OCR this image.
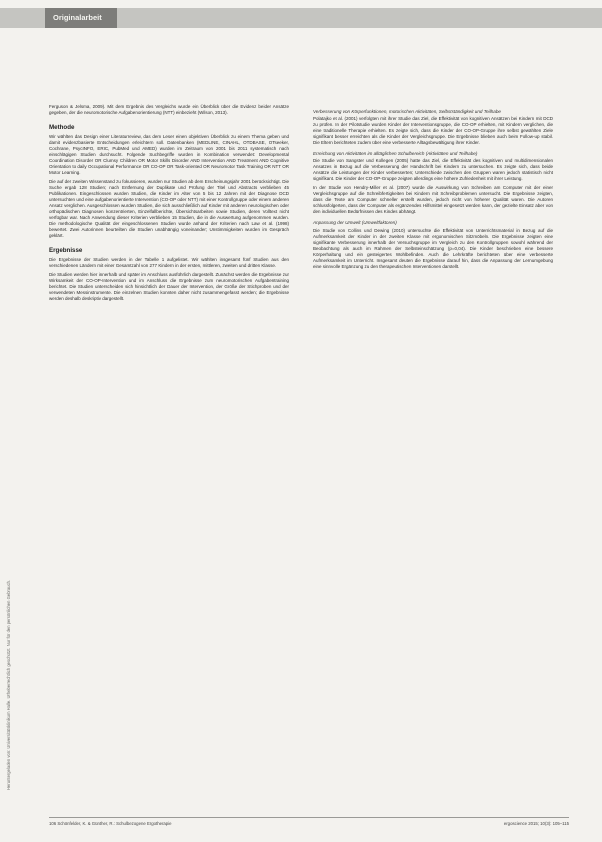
Originalarbeit
Heruntergeladen von: Universitätsklinikum Halle. Urheberrechtlich geschützt. Nur für den persönlichen Gebrauch.

Ferguson & Jelsma, 2009). Mit dem Ergebnis des Vergleichs wurde ein Überblick über die Evidenz beider Ansätze gegeben, der die neuromotorische Aufgabenorientierung (NTT) einbezieht (Wilson, 2013).

Methode

Wir wählten das Design einer Literaturreview, das dem Leser einen objektiven Überblick zu einem Thema geben und damit evidenzbasierte Entscheidungen erleichtern soll. Datenbanken (MEDLINE, CINAHL, OTDBASE, OTseeker, Cochrane, PsycINFO, ERIC, PubMed und AMED) wurden im Zeitraum von 2001 bis 2011 systematisch nach einschlägigen Studien durchsucht. Folgende Suchbegriffe wurden in Kombination verwendet: Developmental Coordination Disorder OR Clumsy Children OR Motor Skills Disorder AND Intervention AND Treatment AND Cognitive Orientation to daily Occupational Performance OR CO-OP OR Task-oriented OR Neuromotor Task Training OR NTT OR Motor Learning.

Die auf der zweiten Wissenstand zu fokussieren, wurden nur Studien ab dem Erscheinungsjahr 2001 berücksichtigt. Die Suche ergab 128 Studien; nach Entfernung der Duplikate und Prüfung der Titel und Abstracts verblieben 45 Publikationen. Eingeschlossen wurden Studien, die Kinder im Alter von 5 bis 12 Jahren mit der Diagnose DCD untersuchten und eine aufgabenorientierte Intervention (CO-OP oder NTT) mit einer Kontrollgruppe oder einem anderen Ansatz verglichen. Ausgeschlossen wurden Studien, die sich ausschließlich auf Kinder mit anderen neurologischen oder orthopädischen Diagnosen konzentrierten, Einzelfallberichte, Übersichtsarbeiten sowie Studien, deren Volltext nicht verfügbar war. Nach Anwendung dieser Kriterien verblieben 15 Studien, die in die Auswertung aufgenommen wurden. Die methodologische Qualität der eingeschlossenen Studien wurde anhand der Kriterien nach Law et al. (1998) bewertet. Zwei Autorinnen beurteilten die Studien unabhängig voneinander; Unstimmigkeiten wurden im Gespräch geklärt.

Ergebnisse

Die Ergebnisse der Studien werden in der Tabelle 1 aufgelistet. Wir wählten insgesamt fünf Studien aus den verschiedenen Ländern mit einer Gesamtzahl von 277 Kindern in der ersten, mittleren, zweiten und dritten Klasse.

Die Studien werden hier innerhalb und später im Anschluss ausführlich dargestellt. Zunächst werden die Ergebnisse zur Wirksamkeit der CO-OP-Intervention und im Anschluss die Ergebnisse zum neuromotorischen Aufgabentraining berichtet. Die Studien unterscheiden sich hinsichtlich der Dauer der Intervention, der Größe der Stichproben und der verwendeten Messinstrumente. Die einzelnen Studien konnten daher nicht zusammengefasst werden; die Ergebnisse werden deshalb deskriptiv dargestellt.

Verbesserung von Körperfunktionen, motorischen Aktivitäten, Selbstständigkeit und Teilhabe

Polatajko et al. (2001) verfolgten mit ihrer Studie das Ziel, die Effektivität von kognitiven Ansätzen bei Kindern mit DCD zu prüfen. In der Pilotstudie wurden Kinder der Interventionsgruppe, die CO-OP erhielten, mit Kindern verglichen, die eine traditionelle Therapie erhielten. Es zeigte sich, dass die Kinder der CO-OP-Gruppe ihre selbst gewählten Ziele signifikant besser erreichten als die Kinder der Vergleichsgruppe. Die Ergebnisse blieben auch beim Follow-up stabil. Die Eltern berichteten zudem über eine verbesserte Alltagsbewältigung ihrer Kinder.

Erreichung von Aktivitäten im alltäglichen Schulbereich (Aktivitäten und Teilhabe)

Die Studie von Sangster und Kollegen (2005) hatte das Ziel, die Effektivität des kognitiven und multidimensionalen Ansatzes in Bezug auf die Verbesserung der Handschrift bei Kindern zu untersuchen. Es zeigte sich, dass beide Ansätze die Leistungen der Kinder verbesserten; Unterschiede zwischen den Gruppen waren jedoch statistisch nicht signifikant. Die Kinder der CO-OP-Gruppe zeigten allerdings eine höhere Zufriedenheit mit ihrer Leistung.

In der Studie von Hendry-Miller et al. (2007) wurde die Auswirkung von Schreiben am Computer mit der einer Vergleichsgruppe auf die Schreibfertigkeiten bei Kindern mit Schreibproblemen untersucht. Die Ergebnisse zeigten, dass die Texte am Computer schneller erstellt wurden, jedoch nicht von höherer Qualität waren. Die Autoren schlussfolgerten, dass der Computer als ergänzendes Hilfsmittel eingesetzt werden kann, der gezielte Einsatz aber von den individuellen Bedürfnissen des Kindes abhängt.

Anpassung der Umwelt (Umweltfaktoren)

Die Studie von Collins und Dewing (2010) untersuchte die Effektivität von Unterrichtsmaterial in Bezug auf die Aufmerksamkeit der Kinder in der zweiten Klasse mit ergonomischen Sitzmöbeln. Die Ergebnisse zeigten eine signifikante Verbesserung innerhalb der Versuchsgruppe im Vergleich zu den Kontrollgruppen sowohl während der Beobachtung als auch im Rahmen der Selbsteinschätzung (p=0,04). Die Kinder beschrieben eine bessere Körperhaltung und ein gesteigertes Wohlbefinden. Auch die Lehrkräfte berichteten über eine verbesserte Aufmerksamkeit im Unterricht. Insgesamt deuten die Ergebnisse darauf hin, dass die Anpassung der Lernumgebung eine sinnvolle Ergänzung zu den therapeutischen Interventionen darstellt.

106 Schönfelder, K. & Günther, R.: Schulbezogene Ergotherapie	ergoscience 2015; 10(3): 105–115
